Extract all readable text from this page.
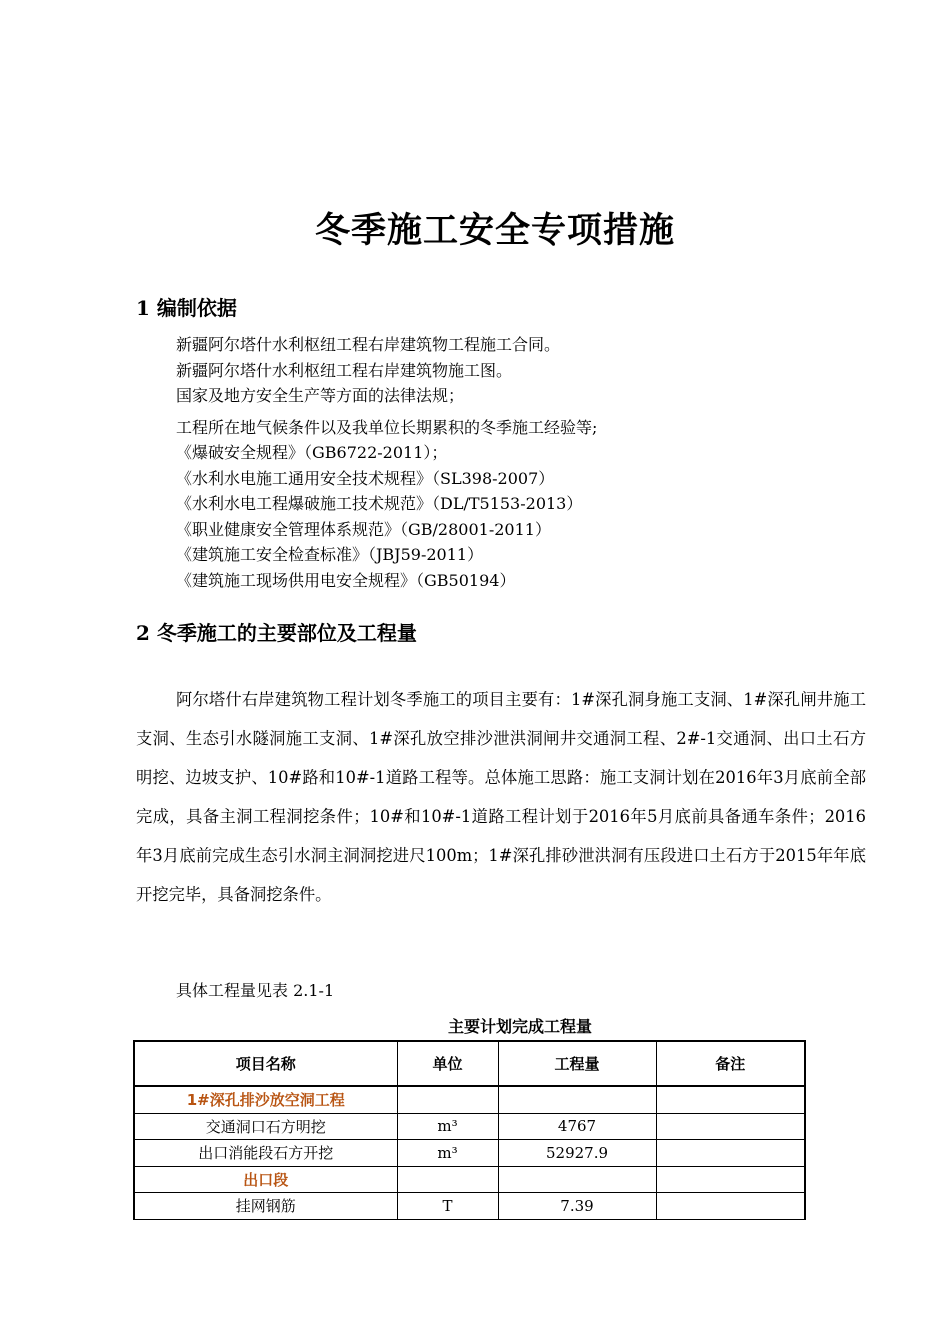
冬季施工安全专项措施
1 编制依据
新疆阿尔塔什水利枢纽工程右岸建筑物工程施工合同。
新疆阿尔塔什水利枢纽工程右岸建筑物施工图。
国家及地方安全生产等方面的法律法规；
工程所在地气候条件以及我单位长期累积的冬季施工经验等;
《爆破安全规程》（GB6722-2011）；
《水利水电施工通用安全技术规程》（SL398-2007）
《水利水电工程爆破施工技术规范》（DL/T5153-2013）
《职业健康安全管理体系规范》（GB/28001-2011）
《建筑施工安全检查标准》（JBJ59-2011）
《建筑施工现场供用电安全规程》（GB50194）
2 冬季施工的主要部位及工程量

阿尔塔什右岸建筑物工程计划冬季施工的项目主要有：1#深孔洞身施工支洞、1#深孔闸井施工支洞、生态引水隧洞施工支洞、1#深孔放空排沙泄洪洞闸井交通洞工程、2#-1交通洞、出口土石方明挖、边坡支护、10#路和10#-1道路工程等。总体施工思路：施工支洞计划在2016年3月底前全部完成，具备主洞工程洞挖条件；10#和10#-1道路工程计划于2016年5月底前具备通车条件；2016年3月底前完成生态引水洞主洞洞挖进尺100m；1#深孔排砂泄洪洞有压段进口土石方于2015年年底开挖完毕，具备洞挖条件。

具体工程量见表 2.1-1
主要计划完成工程量
项目名称	单位	工程量	备注
1#深孔排沙放空洞工程			
交通洞口石方明挖	m³	4767	
出口消能段石方开挖	m³	52927.9	
出口段			
挂网钢筋	T	7.39	
